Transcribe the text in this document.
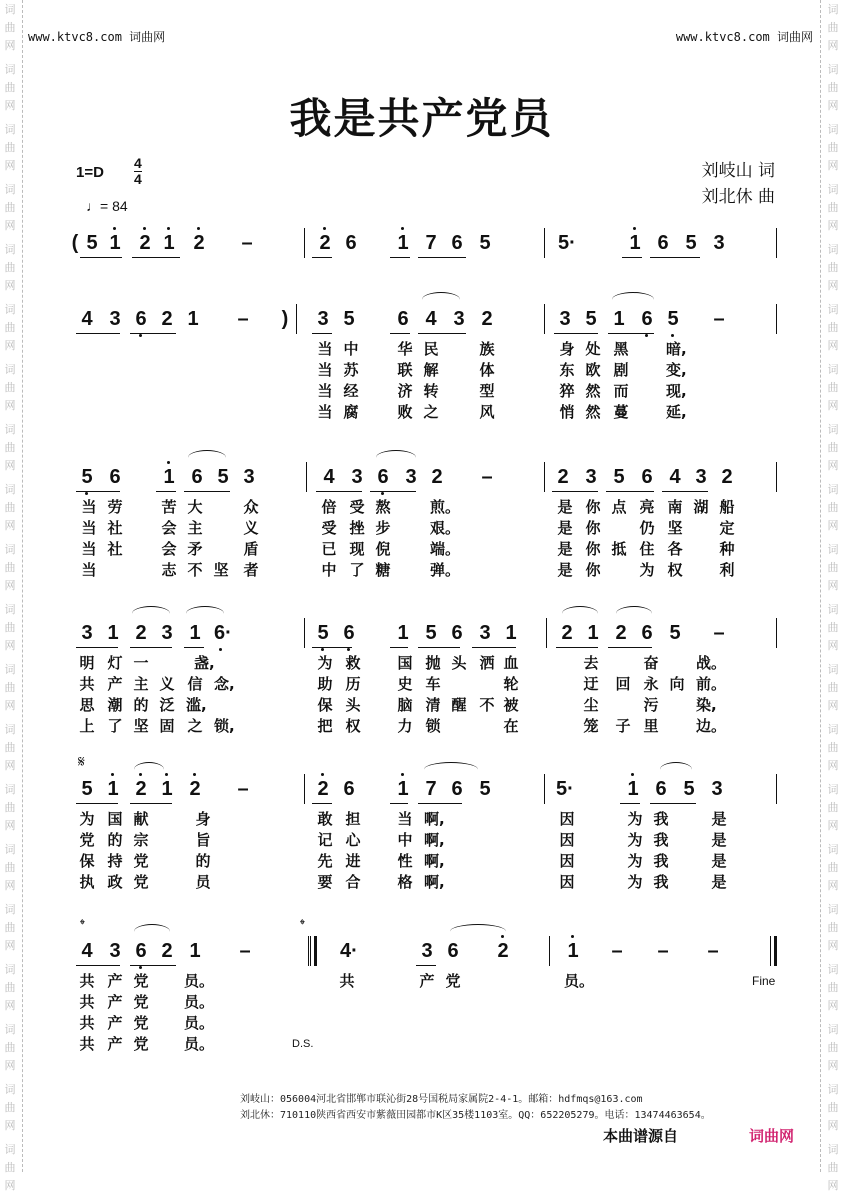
词
曲
网
词
曲
网
词
曲
网
词
曲
网
词
曲
网
词
曲
网
词
曲
网
词
曲
网
词
曲
网
词
曲
网
词
曲
网
词
曲
网
词
曲
网
词
曲
网
词
曲
网
词
曲
网
词
曲
网
词
曲
网
词
曲
网
词
曲
网
词
曲
网
词
曲
网
词
曲
网
词
曲
网
词
曲
网
词
曲
网
词
曲
网
词
曲
网
词
曲
网
词
曲
网
词
曲
网
词
曲
网
词
曲
网
词
曲
网
词
曲
网
词
曲
网
词
曲
网
词
曲
网
词
曲
网
词
曲
网
www.ktvc8.com 词曲网	www.ktvc8.com 词曲网
我是共产党员
1=D
4
4
♩= 84
刘岐山 词
刘北休 曲
( 5 1 2 1 2 –	2 6 1 7 6 5	5·	1 6 5 3
4 3 6 2 1 – ) 3 5 6 4 3 2	3 5 1 6 5 –
当 中	华 民	族	身 处 黑	暗,
当 苏	联 解	体	东 欧 剧	变,
当 经	济 转	型	猝 然 而	现,
当 腐	败 之	风	悄 然 蔓	延,
5 6 1 6 5 3	4 3 6 3 2 –	2 3 5 6 4 3 2
当 劳	苦 大	众	倍 受 熬	煎。	是 你 点 亮 南 湖 船
当 社	会 主	义	受 挫 步	艰。	是 你	仍 坚 定
当 社	会 矛	盾	已 现 倪	端。	是 你 抵 住 各 种
当	志 不 坚 者	中 了 糖	弹。	是 你	为 权 利
3 1 2 3 1 6·	5 6 1 5 6 3 1 2 1 2 6 5 –
明 灯 一	盏,	为 救 国 抛 头 洒 血	去	奋	战。
共 产 主 义 信 念,	助 历 史 车	轮	迂 回 永 向 前。
思 潮 的 泛 滥,	保 头 脑 清 醒 不 被	尘	污	染,
上 了 坚 固 之 锁,	把 权 力 锁	在	笼 子 里	边。
5 1 2 1 2 –	2 6 1 7 6 5	5·	1 6 5 3
为 国 献	身	敢 担 当 啊,	因	为 我	是
党 的 宗	旨	记 心 中 啊,	因	为 我	是
保 持 党	的	先 进 性 啊,	因	为 我	是
执 政 党	员	要 合 格 啊,	因	为 我	是
4 3 6 2 1 –	4·	3 6 2	1 – – –
共 产 党 员。	共	产 党	员。
共 产 党 员。
共 产 党 员。
共 产 党 员。
𝄋
𝄌	𝄌
D.S.
Fine
刘岐山：056004河北省邯郸市联沁街28号国税局家属院2-4-1。邮箱：hdfmqs@163.com
刘北休：710110陕西省西安市紫薇田园都市K区35楼1103室。QQ：652205279。电话：13474463654。
本曲谱源自	词曲网
